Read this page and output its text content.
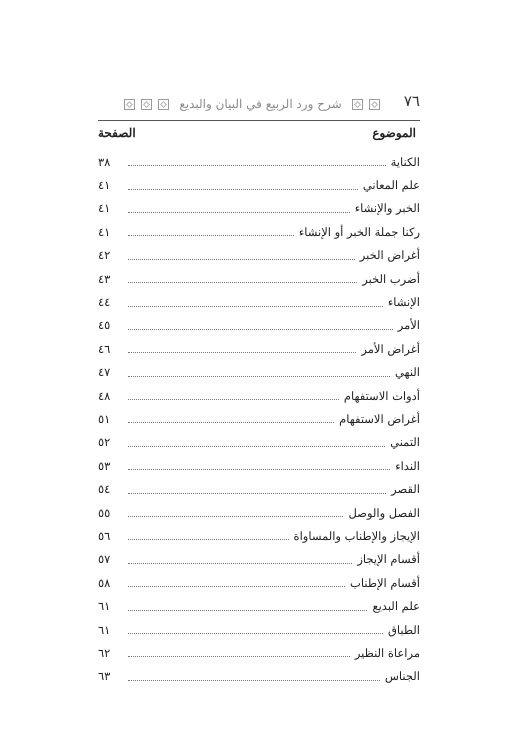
٧٦
شرح ورد الربيع في البيان والبديع
الموضوع
الصفحة
الكناية
٣٨
علم المعاني
٤١
الخبر والإنشاء
٤١
ركنا جملة الخبر أو الإنشاء
٤١
أغراض الخبر
٤٢
أضرب الخبر
٤٣
الإنشاء
٤٤
الأمر
٤٥
أغراض الأمر
٤٦
النهي
٤٧
أدوات الاستفهام
٤٨
أغراض الاستفهام
٥١
التمني
٥٢
النداء
٥٣
القصر
٥٤
الفصل والوصل
٥٥
الإيجاز والإطناب والمساواة
٥٦
أقسام الإيجاز
٥٧
أقسام الإطناب
٥٨
علم البديع
٦١
الطباق
٦١
مراعاة النظير
٦٢
الجناس
٦٣
